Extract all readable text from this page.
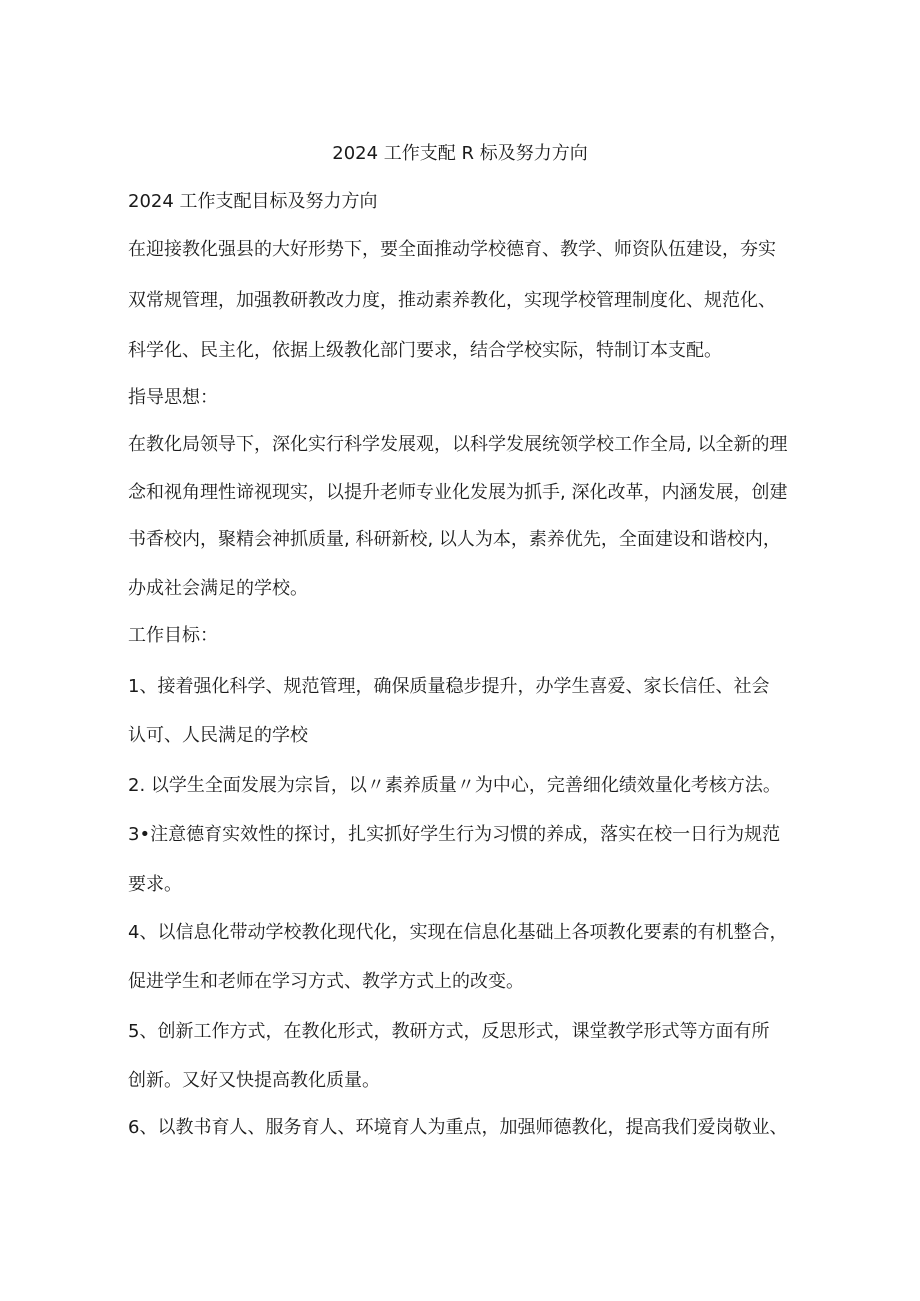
2024 工作支配 R 标及努力方向
2024 工作支配目标及努力方向
在迎接教化强县的大好形势下，要全面推动学校德育、教学、师资队伍建设，夯实
双常规管理，加强教研教改力度，推动素养教化，实现学校管理制度化、规范化、
科学化、民主化，依据上级教化部门要求，结合学校实际，特制订本支配。
指导思想：
在教化局领导下，深化实行科学发展观，以科学发展统领学校工作全局, 以全新的理
念和视角理性谛视现实，以提升老师专业化发展为抓手, 深化改革，内涵发展，创建
书香校内，聚精会神抓质量, 科研新校, 以人为本，素养优先，全面建设和谐校内，
办成社会满足的学校。
工作目标：
1、接着强化科学、规范管理，确保质量稳步提升，办学生喜爱、家长信任、社会
认可、人民满足的学校
2. 以学生全面发展为宗旨，以〃素养质量〃为中心，完善细化绩效量化考核方法。
3•注意德育实效性的探讨，扎实抓好学生行为习惯的养成，落实在校一日行为规范
要求。
4、以信息化带动学校教化现代化，实现在信息化基础上各项教化要素的有机整合，
促进学生和老师在学习方式、教学方式上的改变。
5、创新工作方式，在教化形式，教研方式，反思形式，课堂教学形式等方面有所
创新。又好又快提高教化质量。
6、以教书育人、服务育人、环境育人为重点，加强师德教化，提高我们爱岗敬业、
